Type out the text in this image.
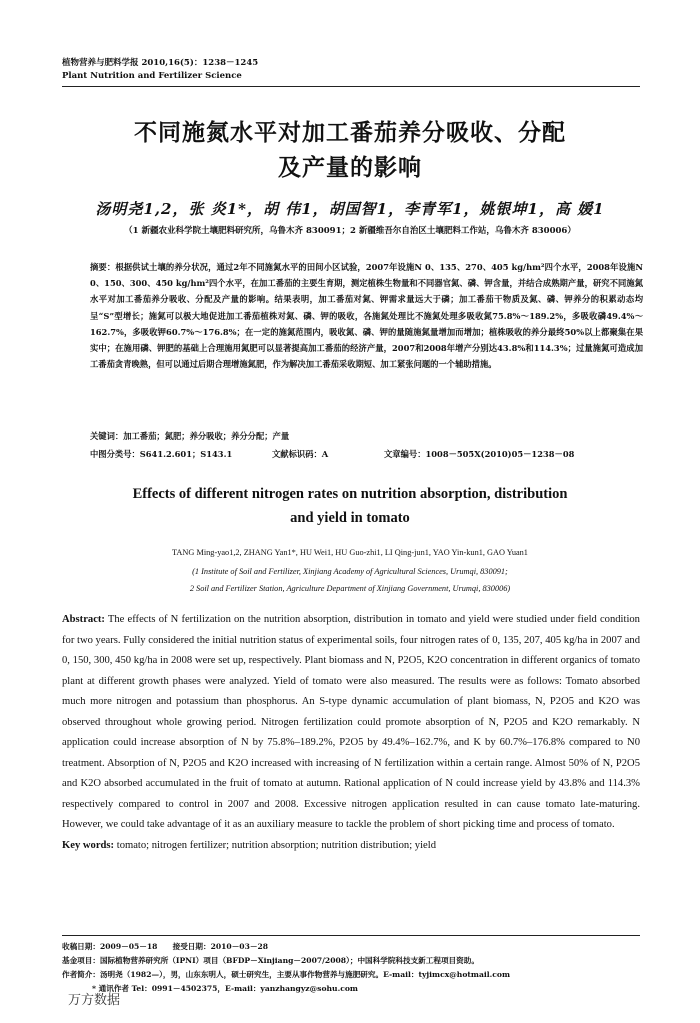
植物营养与肥料学报 2010,16(5)：1238－1245
Plant Nutrition and Fertilizer Science
不同施氮水平对加工番茄养分吸收、分配
及产量的影响
汤明尧1,2，张 炎1*，胡 伟1，胡国智1，李青军1，姚银坤1，高 媛1
（1 新疆农业科学院土壤肥料研究所，乌鲁木齐 830091；2 新疆维吾尔自治区土壤肥料工作站，乌鲁木齐 830006）

摘要：根据供试土壤的养分状况，通过2年不同施氮水平的田间小区试验，2007年设施N 0、135、270、405 kg/hm²四个水平，2008年设施N 0、150、300、450 kg/hm²四个水平，在加工番茄的主要生育期，测定植株生物量和不同器官氮、磷、钾含量，并结合成熟期产量，研究不同施氮水平对加工番茄养分吸收、分配及产量的影响。结果表明，加工番茄对氮、钾需求量远大于磷；加工番茄干物质及氮、磷、钾养分的积累动态均呈“S”型增长；施氮可以极大地促进加工番茄植株对氮、磷、钾的吸收，各施氮处理比不施氮处理多吸收氮75.8%～189.2%，多吸收磷49.4%～162.7%，多吸收钾60.7%～176.8%；在一定的施氮范围内，吸收氮、磷、钾的量随施氮量增加而增加；植株吸收的养分最终50%以上都聚集在果实中；在施用磷、钾肥的基础上合理施用氮肥可以显著提高加工番茄的经济产量，2007和2008年增产分别达43.8%和114.3%；过量施氮可造成加工番茄贪青晚熟，但可以通过后期合理增施氮肥，作为解决加工番茄采收期短、加工紧张问题的一个辅助措施。

关键词：加工番茄；氮肥；养分吸收；养分分配；产量
中图分类号：S641.2.601；S143.1	文献标识码：A	文章编号：1008－505X(2010)05－1238－08
Effects of different nitrogen rates on nutrition absorption, distribution
and yield in tomato
TANG Ming-yao1,2, ZHANG Yan1*, HU Wei1, HU Guo-zhi1, LI Qing-jun1, YAO Yin-kun1, GAO Yuan1
(1 Institute of Soil and Fertilizer, Xinjiang Academy of Agricultural Sciences, Urumqi, 830091;
2 Soil and Fertilizer Station, Agriculture Department of Xinjiang Government, Urumqi, 830006)
Abstract: The effects of N fertilization on the nutrition absorption, distribution in tomato and yield were studied under field condition for two years. Fully considered the initial nutrition status of experimental soils, four nitrogen rates of 0, 135, 207, 405 kg/ha in 2007 and 0, 150, 300, 450 kg/ha in 2008 were set up, respectively. Plant biomass and N, P2O5, K2O concentration in different organics of tomato plant at different growth phases were analyzed. Yield of tomato were also measured. The results were as follows: Tomato absorbed much more nitrogen and potassium than phosphorus. An S-type dynamic accumulation of plant biomass, N, P2O5 and K2O was observed throughout whole growing period. Nitrogen fertilization could promote absorption of N, P2O5 and K2O remarkably. N application could increase absorption of N by 75.8%–189.2%, P2O5 by 49.4%–162.7%, and K by 60.7%–176.8% compared to N0 treatment. Absorption of N, P2O5 and K2O increased with increasing of N fertilization within a certain range. Almost 50% of N, P2O5 and K2O absorbed accumulated in the fruit of tomato at autumn. Rational application of N could increase yield by 43.8% and 114.3% respectively compared to control in 2007 and 2008. Excessive nitrogen application resulted in can cause tomato late-maturing. However, we could take advantage of it as an auxiliary measure to tackle the problem of short picking time and process of tomato.
Key words: tomato; nitrogen fertilizer; nutrition absorption; nutrition distribution; yield
收稿日期：2009－05－18　　接受日期：2010－03－28
基金项目：国际植物营养研究所（IPNI）项目（BFDP－Xinjiang－2007/2008）；中国科学院科技支新工程项目资助。
作者简介：汤明尧（1982—），男，山东东明人，硕士研究生，主要从事作物营养与施肥研究。E-mail：tyjimcx@hotmail.com
* 通讯作者 Tel：0991－4502375，E-mail：yanzhangyz@sohu.com
万方数据
